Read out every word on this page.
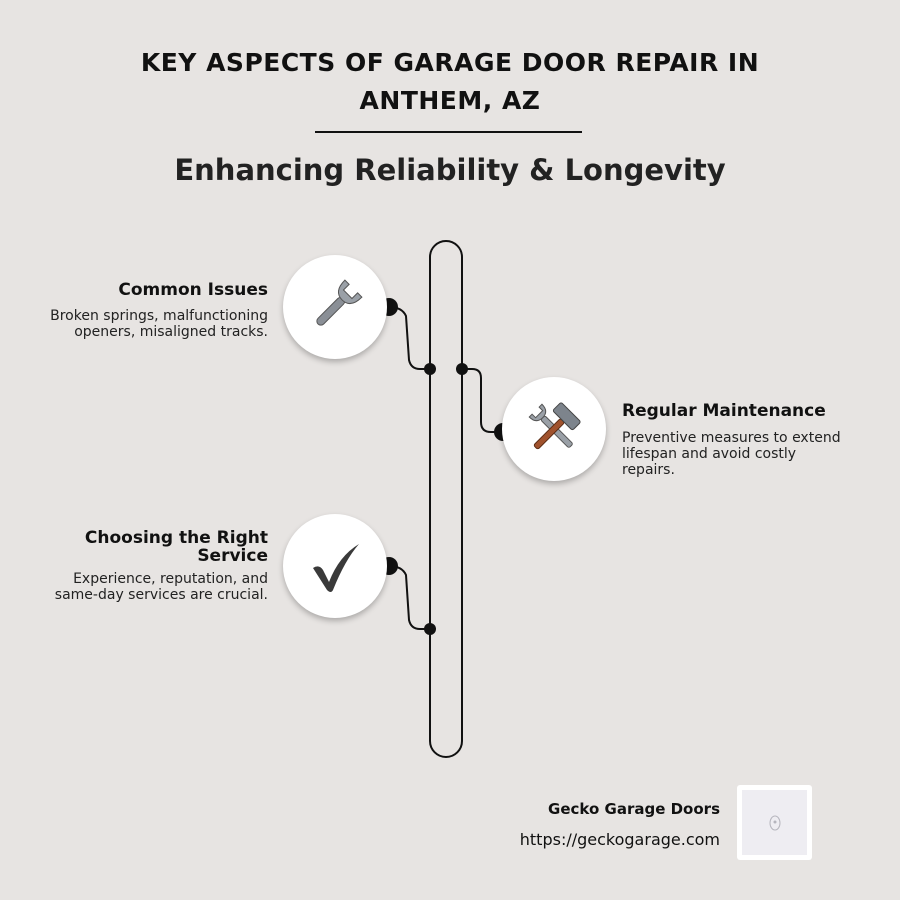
KEY ASPECTS OF GARAGE DOOR REPAIR IN ANTHEM, AZ
Enhancing Reliability & Longevity
Common Issues

Broken springs, malfunctioning openers, misaligned tracks.

Regular Maintenance

Preventive measures to extend lifespan and avoid costly repairs.

Choosing the Right Service

Experience, reputation, and same-day services are crucial.

Gecko Garage Doors

https://geckogarage.com
